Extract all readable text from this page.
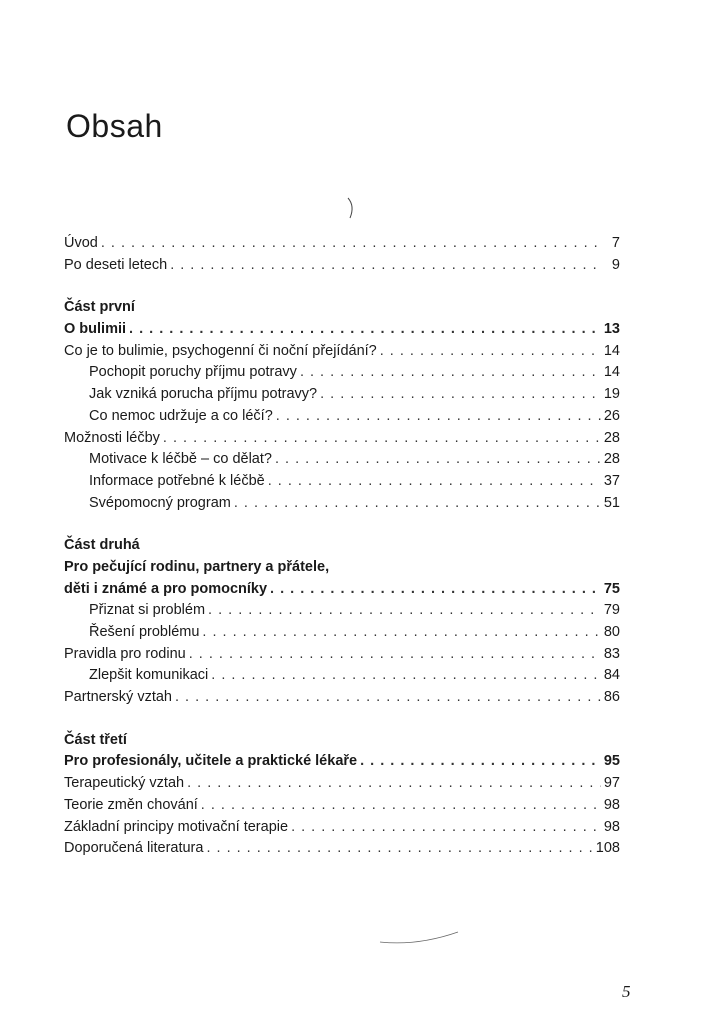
Obsah
Úvod . . .	7
Po deseti letech . . .	9
Část první
O bulimii . . .	13
Co je to bulimie, psychogenní či noční přejídání? . . .	14
Pochopit poruchy příjmu potravy . . .	14
Jak vzniká porucha příjmu potravy? . . .	19
Co nemoc udržuje a co léčí? . . .	26
Možnosti léčby . . .	28
Motivace k léčbě – co dělat? . . .	28
Informace potřebné k léčbě . . .	37
Svépomocný program . . .	51
Část druhá
Pro pečující rodinu, partnery a přátele,
děti i známé a pro pomocníky . . .	75
Přiznat si problém . . .	79
Řešení problému . . .	80
Pravidla pro rodinu . . .	83
Zlepšit komunikaci . . .	84
Partnerský vztah . . .	86
Část třetí
Pro profesionály, učitele a praktické lékaře . . .	95
Terapeutický vztah . . .	97
Teorie změn chování . . .	98
Základní principy motivační terapie . . .	98
Doporučená literatura . . .	108
5
